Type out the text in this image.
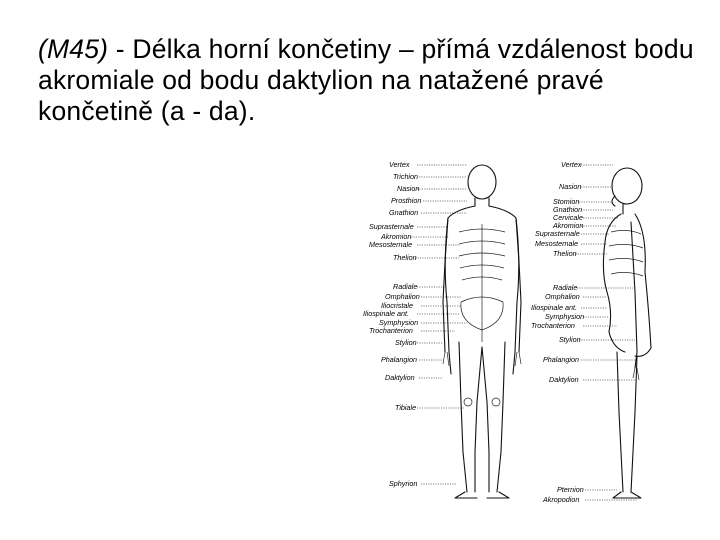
(M45) - Délka horní končetiny – přímá vzdálenost bodu akromiale od bodu daktylion na natažené pravé končetině (a - da).
Vertex
Trichion
Nasion
Prosthion
Gnathion
Suprasternale
Akromion
Mesosternale
Thelion
Radiale
Omphalion
Iliocristale
Iliospinale ant.
Symphysion
Trochanterion
Stylion
Phalangion
Daktylion
Tibiale
Sphyrion
Vertex
Nasion
Stomion
Gnathion
Cervicale
Akromion
Suprasternale
Mesosternale
Thelion
Radiale
Omphalion
Iliospinale ant.
Symphysion
Trochanterion
Stylion
Phalangion
Daktylion
Pternion
Akropodion
